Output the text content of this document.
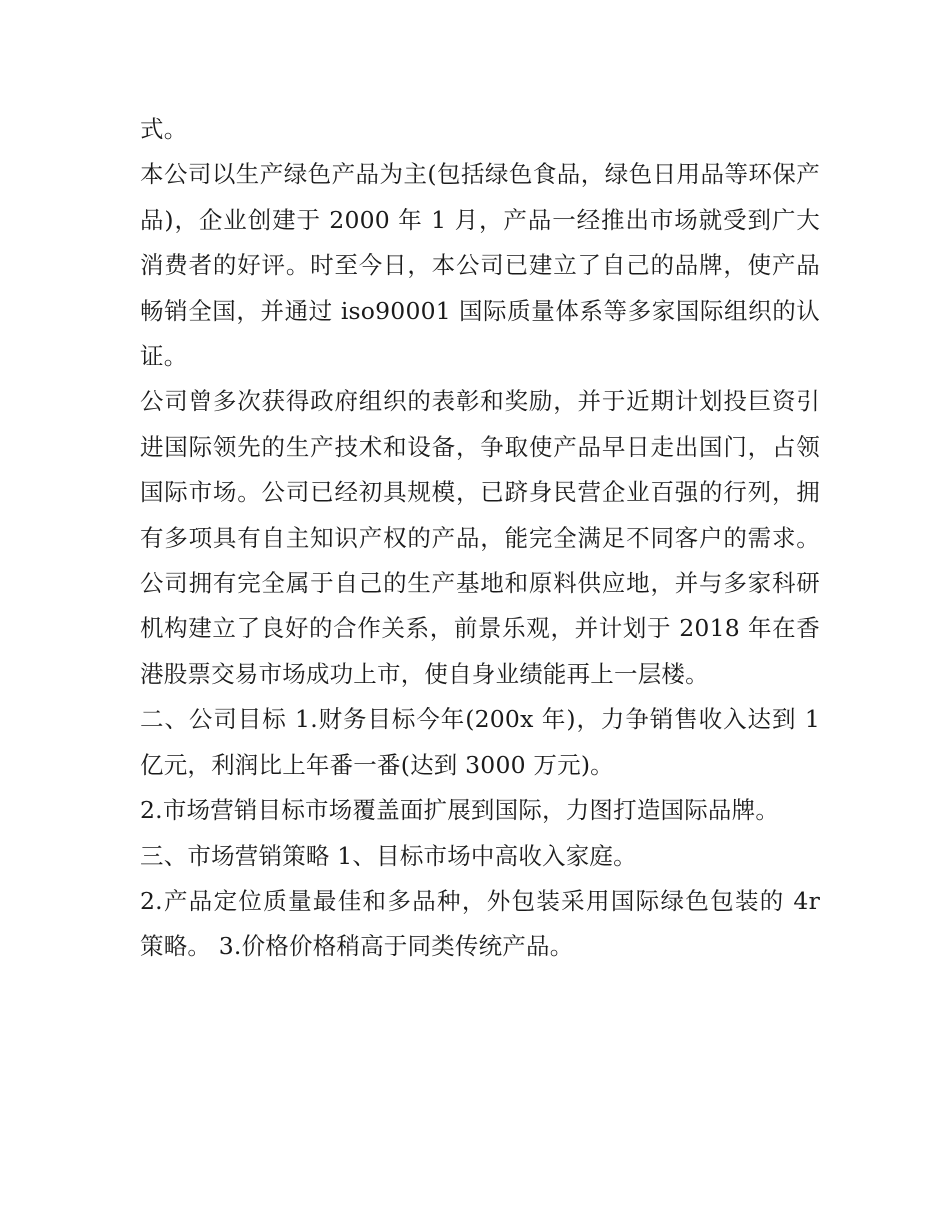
式。

本公司以生产绿色产品为主(包括绿色食品，绿色日用品等环保产品)，企业创建于 2000 年 1 月，产品一经推出市场就受到广大消费者的好评。时至今日，本公司已建立了自己的品牌，使产品畅销全国，并通过 iso90001 国际质量体系等多家国际组织的认证。

公司曾多次获得政府组织的表彰和奖励，并于近期计划投巨资引进国际领先的生产技术和设备，争取使产品早日走出国门，占领国际市场。公司已经初具规模，已跻身民营企业百强的行列，拥有多项具有自主知识产权的产品，能完全满足不同客户的需求。公司拥有完全属于自己的生产基地和原料供应地，并与多家科研机构建立了良好的合作关系，前景乐观，并计划于 2018 年在香港股票交易市场成功上市，使自身业绩能再上一层楼。

二、公司目标 1.财务目标今年(200x 年)，力争销售收入达到 1 亿元，利润比上年番一番(达到 3000 万元)。

2.市场营销目标市场覆盖面扩展到国际，力图打造国际品牌。

三、市场营销策略 1、目标市场中高收入家庭。

2.产品定位质量最佳和多品种，外包装采用国际绿色包装的 4r 策略。 3.价格价格稍高于同类传统产品。
